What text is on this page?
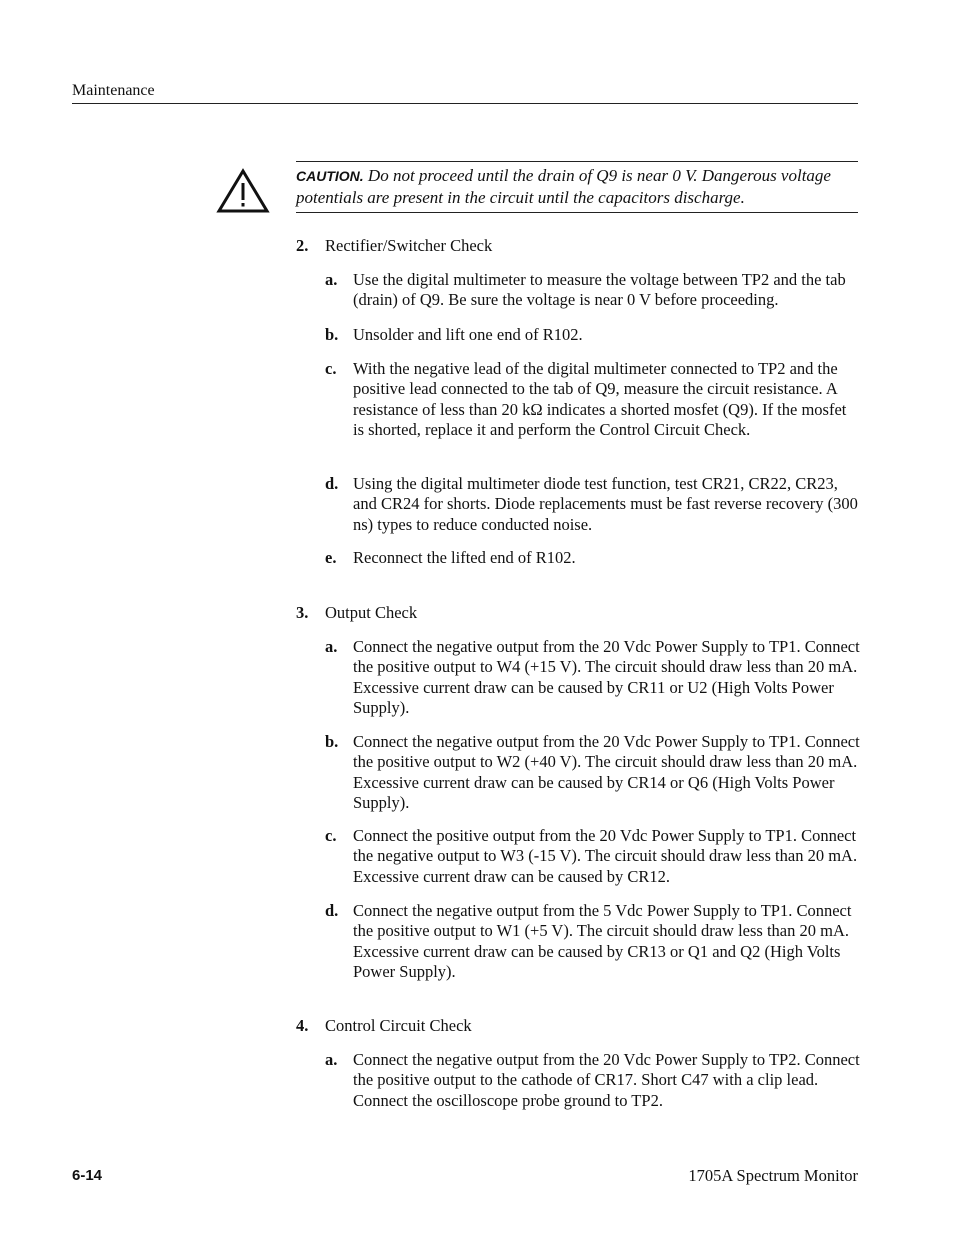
Maintenance
CAUTION. Do not proceed until the drain of Q9 is near 0 V. Dangerous voltage potentials are present in the circuit until the capacitors discharge.
2. Rectifier/Switcher Check
a. Use the digital multimeter to measure the voltage between TP2 and the tab (drain) of Q9. Be sure the voltage is near 0 V before proceeding.
b. Unsolder and lift one end of R102.
c. With the negative lead of the digital multimeter connected to TP2 and the positive lead connected to the tab of Q9, measure the circuit resistance. A resistance of less than 20 kΩ indicates a shorted mosfet (Q9). If the mosfet is shorted, replace it and perform the Control Circuit Check.
d. Using the digital multimeter diode test function, test CR21, CR22, CR23, and CR24 for shorts. Diode replacements must be fast reverse recovery (300 ns) types to reduce conducted noise.
e. Reconnect the lifted end of R102.
3. Output Check
a. Connect the negative output from the 20 Vdc Power Supply to TP1. Connect the positive output to W4 (+15 V). The circuit should draw less than 20 mA. Excessive current draw can be caused by CR11 or U2 (High Volts Power Supply).
b. Connect the negative output from the 20 Vdc Power Supply to TP1. Connect the positive output to W2 (+40 V). The circuit should draw less than 20 mA. Excessive current draw can be caused by CR14 or Q6 (High Volts Power Supply).
c. Connect the positive output from the 20 Vdc Power Supply to TP1. Connect the negative output to W3 (-15 V). The circuit should draw less than 20 mA. Excessive current draw can be caused by CR12.
d. Connect the negative output from the 5 Vdc Power Supply to TP1. Connect the positive output to W1 (+5 V). The circuit should draw less than 20 mA. Excessive current draw can be caused by CR13 or Q1 and Q2 (High Volts Power Supply).
4. Control Circuit Check
a. Connect the negative output from the 20 Vdc Power Supply to TP2. Connect the positive output to the cathode of CR17. Short C47 with a clip lead. Connect the oscilloscope probe ground to TP2.
6-14	1705A Spectrum Monitor
